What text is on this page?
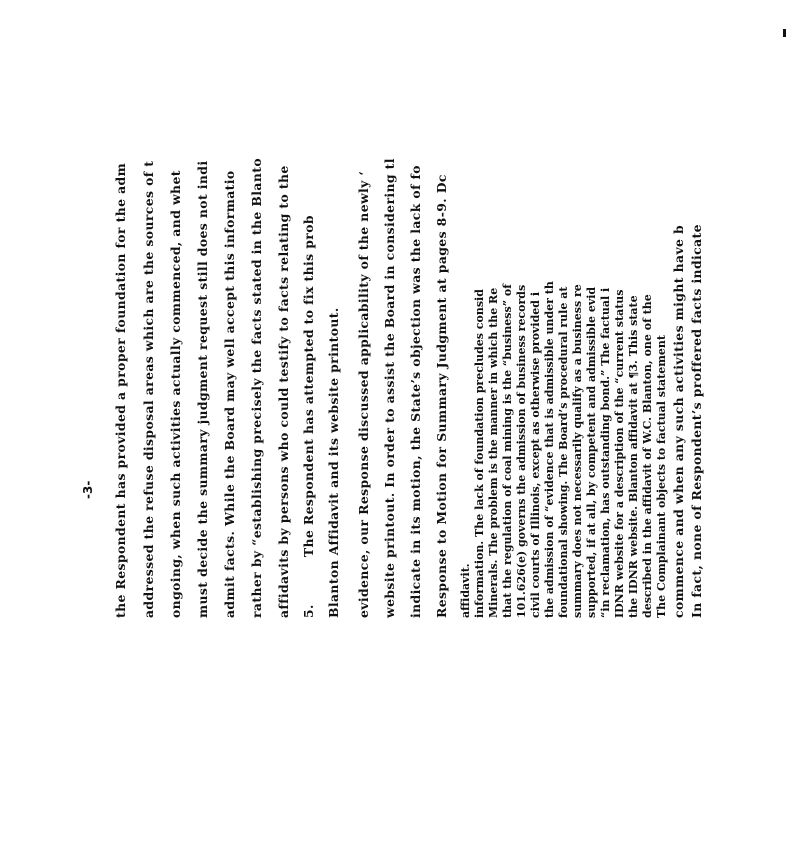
In fact, none of Respondent’s proffered facts indicate
commence and when any such activities might have b
The Complainant objects to factual statement
described in the affidavit of W.C. Blanton, one of the
the IDNR website. Blanton affidavit at ¶3. This state
IDNR website for a description of the “current status
“in reclamation, has outstanding bond.” The factual i
supported, if at all, by competent and admissible evid
summary does not necessarily qualify as a business re
foundational showing. The Board’s procedural rule at
the admission of “evidence that is admissible under th
civil courts of Illinois, except as otherwise provided i
101.626(e) governs the admission of business records
that the regulation of coal mining is the “business” of
Minerals. The problem is the manner in which the Re
information. The lack of foundation precludes consid
affidavit.
Response to Motion for Summary Judgment at pages 8-9. Dc
indicate in its motion, the State’s objection was the lack of fo
website printout. In order to assist the Board in considering tl
evidence, our Response discussed applicability of the newly ‘
Blanton Affidavit and its website printout.
5.          The Respondent has attempted to fix this prob
affidavits by persons who could testify to facts relating to the
rather by “establishing precisely the facts stated in the Blanto
admit facts. While the Board may well accept this informatio
must decide the summary judgment request still does not indi
ongoing, when such activities actually commenced, and whet
addressed the refuse disposal areas which are the sources of t
the Respondent has provided a proper foundation for the adm
-3-
